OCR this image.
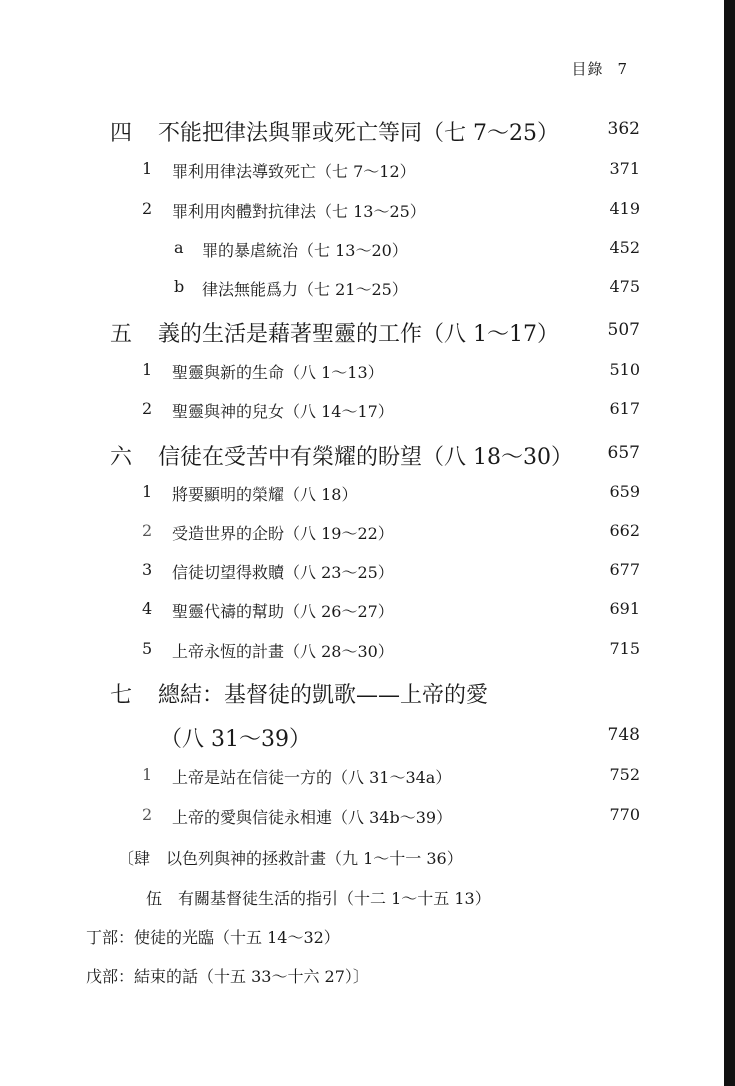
目錄 7
四 不能把律法與罪或死亡等同（七 7～25）	362
1 罪利用律法導致死亡（七 7～12）	371
2 罪利用肉體對抗律法（七 13～25）	419
a 罪的暴虐統治（七 13～20）	452
b 律法無能爲力（七 21～25）	475
五 義的生活是藉著聖靈的工作（八 1～17）	507
1 聖靈與新的生命（八 1～13）	510
2 聖靈與神的兒女（八 14～17）	617
六 信徒在受苦中有榮耀的盼望（八 18～30）	657
1 將要顯明的榮耀（八 18）	659
2 受造世界的企盼（八 19～22）	662
3 信徒切望得救贖（八 23～25）	677
4 聖靈代禱的幫助（八 26～27）	691
5 上帝永恆的計畫（八 28～30）	715
七 總結：基督徒的凱歌——上帝的愛
（八 31～39）	748
1 上帝是站在信徒一方的（八 31～34a）	752
2 上帝的愛與信徒永相連（八 34b～39）	770
〔肆　以色列與神的拯救計畫（九 1～十一 36）
伍　有關基督徒生活的指引（十二 1～十五 13）
丁部：使徒的光臨（十五 14～32）
戊部：結束的話（十五 33～十六 27）〕
